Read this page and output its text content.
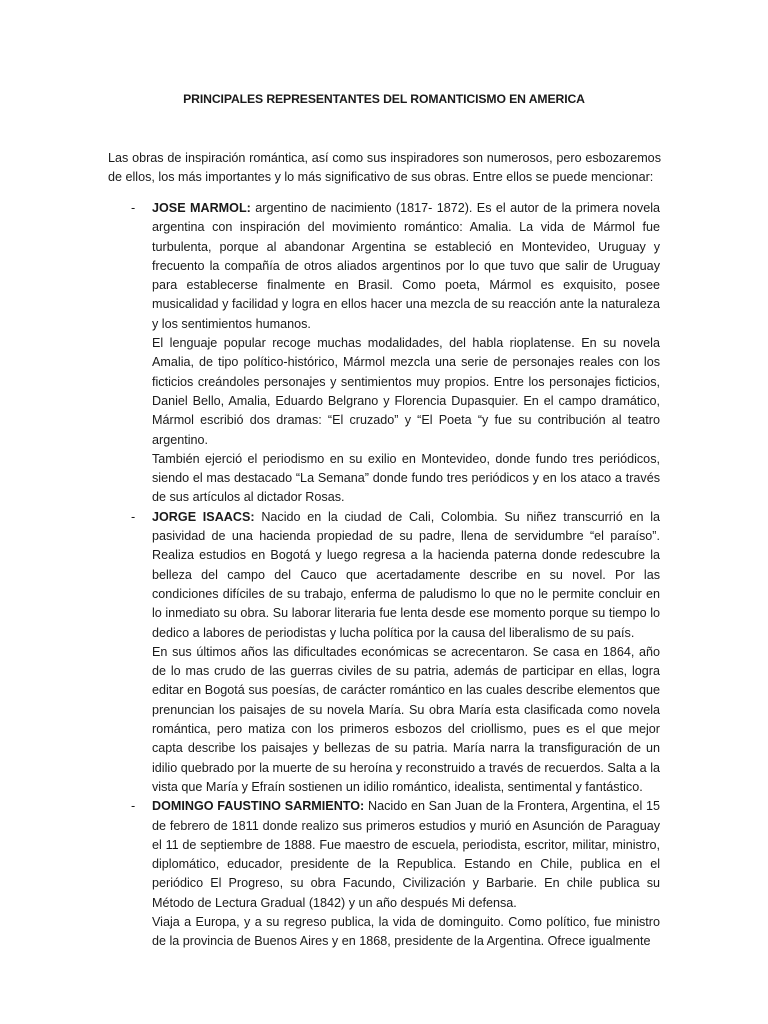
PRINCIPALES REPRESENTANTES DEL ROMANTICISMO EN AMERICA

Las obras de inspiración romántica, así como sus inspiradores son numerosos, pero esbozaremos de ellos, los más importantes y lo más significativo de sus obras. Entre ellos se puede mencionar:

- JOSE MARMOL: argentino de nacimiento (1817- 1872). Es el autor de la primera novela argentina con inspiración del movimiento romántico: Amalia. La vida de Mármol fue turbulenta, porque al abandonar Argentina se estableció en Montevideo, Uruguay y frecuento la compañía de otros aliados argentinos por lo que tuvo que salir de Uruguay para establecerse finalmente en Brasil. Como poeta, Mármol es exquisito, posee musicalidad y facilidad y logra en ellos hacer una mezcla de su reacción ante la naturaleza y los sentimientos humanos.

El lenguaje popular recoge muchas modalidades, del habla rioplatense. En su novela Amalia, de tipo político-histórico, Mármol mezcla una serie de personajes reales con los ficticios creándoles personajes y sentimientos muy propios. Entre los personajes ficticios, Daniel Bello, Amalia, Eduardo Belgrano y Florencia Dupasquier. En el campo dramático, Mármol escribió dos dramas: “El cruzado” y “El Poeta “y fue su contribución al teatro argentino.

También ejerció el periodismo en su exilio en Montevideo, donde fundo tres periódicos, siendo el mas destacado “La Semana” donde fundo tres periódicos y en los ataco a través de sus artículos al dictador Rosas.

- JORGE ISAACS: Nacido en la ciudad de Cali, Colombia. Su niñez transcurrió en la pasividad de una hacienda propiedad de su padre, llena de servidumbre “el paraíso”. Realiza estudios en Bogotá y luego regresa a la hacienda paterna donde redescubre la belleza del campo del Cauco que acertadamente describe en su novel. Por las condiciones difíciles de su trabajo, enferma de paludismo lo que no le permite concluir en lo inmediato su obra. Su laborar literaria fue lenta desde ese momento porque su tiempo lo dedico a labores de periodistas y lucha política por la causa del liberalismo de su país.

En sus últimos años las dificultades económicas se acrecentaron. Se casa en 1864, año de lo mas crudo de las guerras civiles de su patria, además de participar en ellas, logra editar en Bogotá sus poesías, de carácter romántico en las cuales describe elementos que prenuncian los paisajes de su novela María. Su obra María esta clasificada como novela romántica, pero matiza con los primeros esbozos del criollismo, pues es el que mejor capta describe los paisajes y bellezas de su patria. María narra la transfiguración de un idilio quebrado por la muerte de su heroína y reconstruido a través de recuerdos. Salta a la vista que María y Efraín sostienen un idilio romántico, idealista, sentimental y fantástico.

- DOMINGO FAUSTINO SARMIENTO: Nacido en San Juan de la Frontera, Argentina, el 15 de febrero de 1811 donde realizo sus primeros estudios y murió en Asunción de Paraguay el 11 de septiembre de 1888. Fue maestro de escuela, periodista, escritor, militar, ministro, diplomático, educador, presidente de la Republica. Estando en Chile, publica en el periódico El Progreso, su obra Facundo, Civilización y Barbarie. En chile publica su Método de Lectura Gradual (1842) y un año después Mi defensa.

Viaja a Europa, y a su regreso publica, la vida de dominguito. Como político, fue ministro de la provincia de Buenos Aires y en 1868, presidente de la Argentina. Ofrece igualmente
